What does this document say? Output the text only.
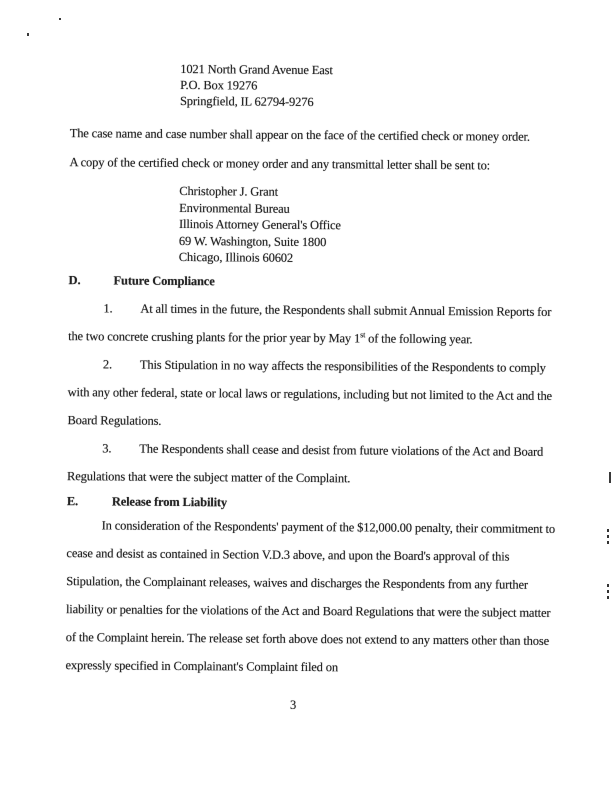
1021 North Grand Avenue East
P.O. Box 19276
Springfield, IL 62794-9276

The case name and case number shall appear on the face of the certified check or money order.

A copy of the certified check or money order and any transmittal letter shall be sent to:

Christopher J. Grant
Environmental Bureau
Illinois Attorney General's Office
69 W. Washington, Suite 1800
Chicago, Illinois 60602

D.	Future Compliance

1. At all times in the future, the Respondents shall submit Annual Emission Reports for the two concrete crushing plants for the prior year by May 1st of the following year.

2. This Stipulation in no way affects the responsibilities of the Respondents to comply with any other federal, state or local laws or regulations, including but not limited to the Act and the Board Regulations.

3. The Respondents shall cease and desist from future violations of the Act and Board Regulations that were the subject matter of the Complaint.

E.	Release from Liability

In consideration of the Respondents' payment of the $12,000.00 penalty, their commitment to cease and desist as contained in Section V.D.3 above, and upon the Board's approval of this Stipulation, the Complainant releases, waives and discharges the Respondents from any further liability or penalties for the violations of the Act and Board Regulations that were the subject matter of the Complaint herein. The release set forth above does not extend to any matters other than those expressly specified in Complainant's Complaint filed on

3
